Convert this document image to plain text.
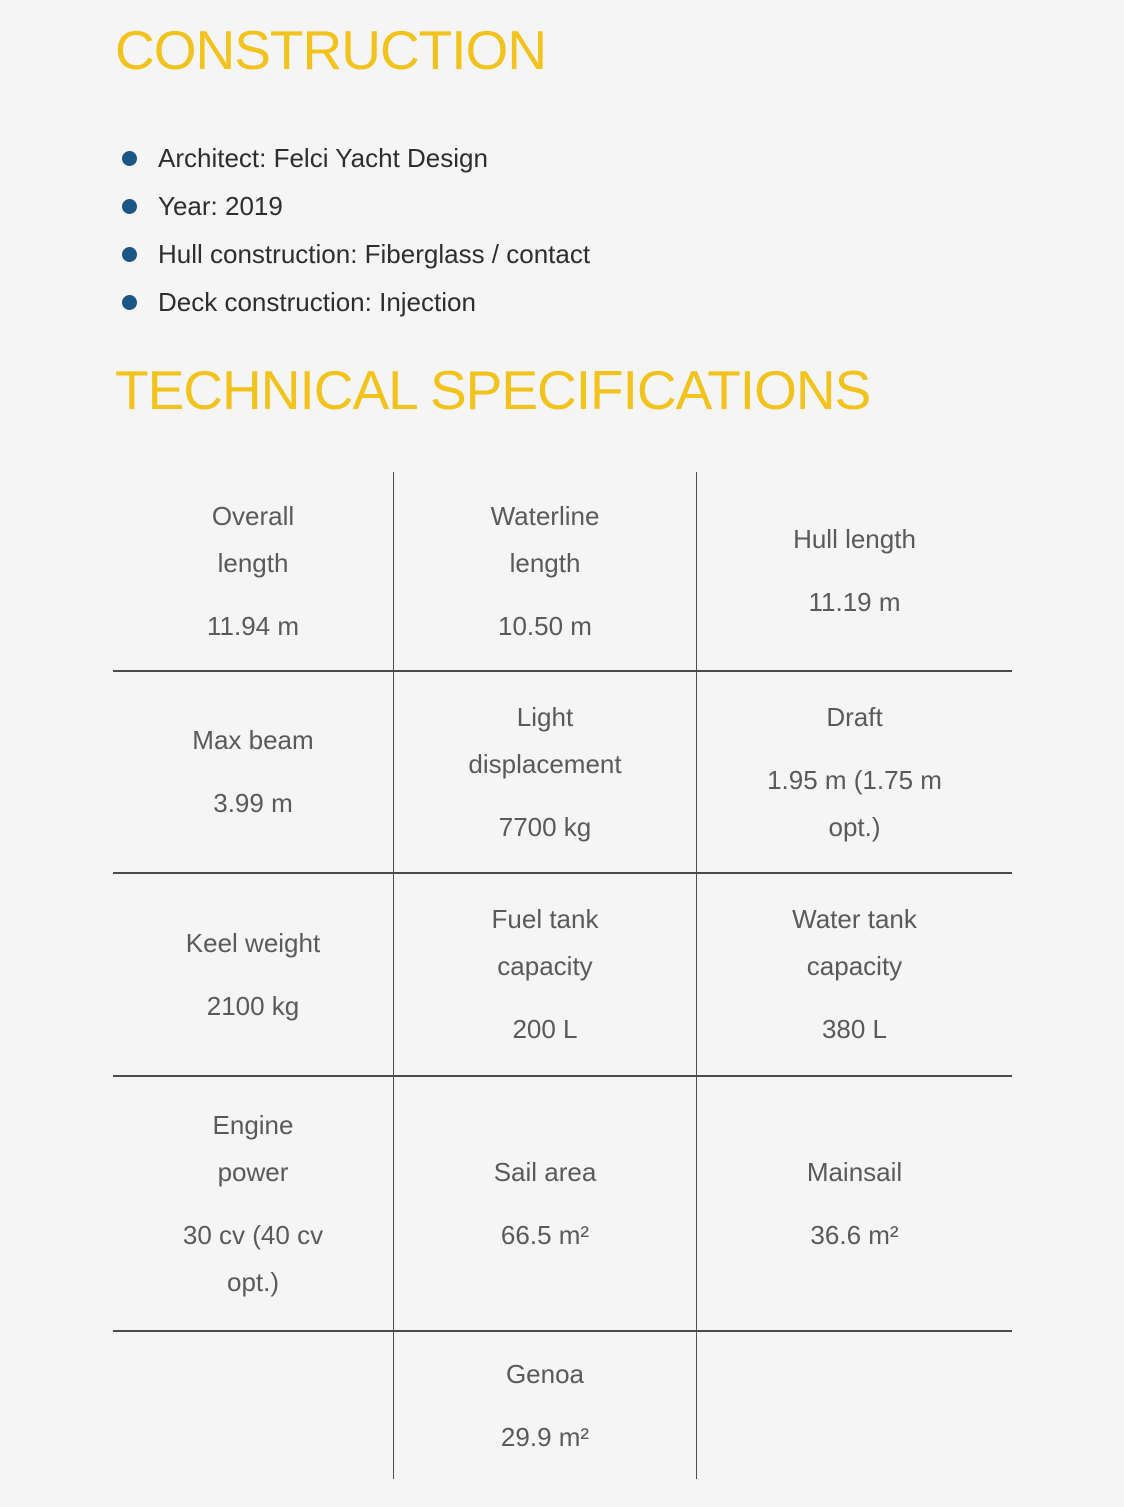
CONSTRUCTION
Architect: Felci Yacht Design
Year: 2019
Hull construction: Fiberglass / contact
Deck construction: Injection
TECHNICAL SPECIFICATIONS

Overall length

11.94 m

Waterline length

10.50 m

Hull length

11.19 m

Max beam

3.99 m

Light displacement

7700 kg

Draft

1.95 m (1.75 m opt.)

Keel weight

2100 kg

Fuel tank capacity

200 L

Water tank capacity

380 L

Engine power

30 cv (40 cv opt.)

Sail area

66.5 m²

Mainsail

36.6 m²

Genoa

29.9 m²
